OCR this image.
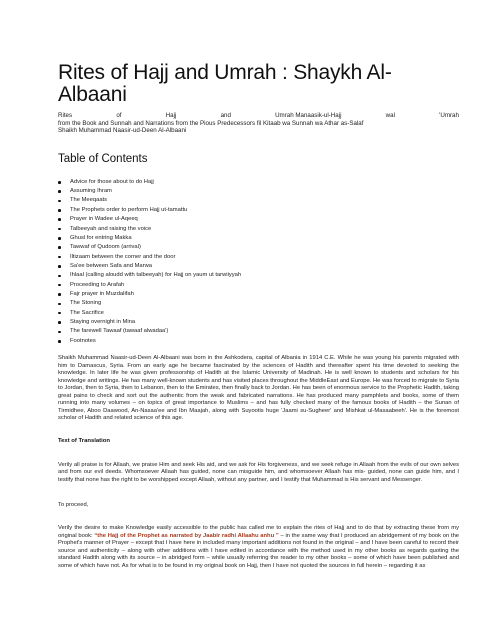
Rites of Hajj and Umrah : Shaykh Al-Albaani
Rites	of	Hajj	and	Umrah Manaasik-ul-Hajj	wal	'Umrah
from the Book and Sunnah and Narrations from the Pious Predecessors fil Kitaab wa Sunnah wa Athar as-Salaf
Shaikh Muhammad Naasir-ud-Deen Al-Albaani
Table of Contents
Advice for those about to do Hajj
Assuming Ihram
The Meeqaats
The Prophets order to perform Hajj ut-tamattu
Prayer in Wadee ul-Aqeeq
Talbeeyah and raising the voice
Ghusl for entring Makka
Tawwaf of Qudoom (arrival)
Iltizaam between the corner and the door
Sa'ee between Safa and Marwa
Ihlaal (calling aloudd with talbeeyah) for Hajj on yaum ut tarwiiyyah
Proceeding to Arafah
Fajr prayer in Muzdalifah
The Stoning
The Sacrifice
Staying overnight in Mina
The farewell Tawaaf (tawaaf alwadaa')
Footnotes

Shaikh Muhammad Naasir-ud-Deen Al-Albaani was born in the Ashkodera, capital of Albania in 1914 C.E. While he was young his parents migrated with him to Damascus, Syria. From an early age he became fascinated by the sciences of Hadith and thereafter spent his time devoted to seeking the knowledge. In later life he was given professorship of Hadith at the Islamic University of Madinah. He is well known to students and scholars for his knowledge and writings. He has many well-known students and has visited places throughout the MiddleEast and Europe. He was forced to migrate to Syria to Jordan, then to Syria, then to Lebanon, then to the Emirates, then finally back to Jordan. He has been of enormous service to the Prophetic Hadith, taking great pains to check and sort out the authentic from the weak and fabricated narrations. He has produced many pamphlets and books, some of them running into many volumes – on topics of great importance to Muslims – and has fully checked many of the famous books of Hadith – the Sunan of Tirmidhee, Aboo Daawood, An-Nasaa'ee and Ibn Maajah, along with Suyootis huge 'Jaami su-Sugheer' and Mishkat ul-Masaabeeh'. He is the foremost scholar of Hadith and related science of this age.

Text of Translation

Verily all praise is for Allaah, we praise Him and seek His aid, and we ask for His forgiveness, and we seek refuge in Allaah from the evils of our own selves and from our evil deeds. Whomsoever Allaah has guided, none can misguide him, and whomsoever Allaah has mis- guided, none can guide him, and I testify that none has the right to be worshipped except Allaah, without any partner, and I testify that Muhammad is His servant and Messenger.

To proceed,

Verily the desire to make Knowledge easily accessible to the public has called me to explain the rites of Hajj and to do that by extracting these from my original book: “the Hajj of the Prophet as narrated by Jaabir radhi Allaahu anhu ” – in the same way that I produced an abridgement of my book on the Prophet's manner of Prayer – except that I have here in included many important additions not found in the original – and I have been careful to record their source and authenticity – along with other additions with I have edited in accordance with the method used in my other books as regards quoting the standard Hadith along with its source – in abridged form – while usually referring the reader to my other books – some of which have been published and some of which have not. As for what is to be found in my original book on Hajj, then I have not quoted the sources in full herein – regarding it as
